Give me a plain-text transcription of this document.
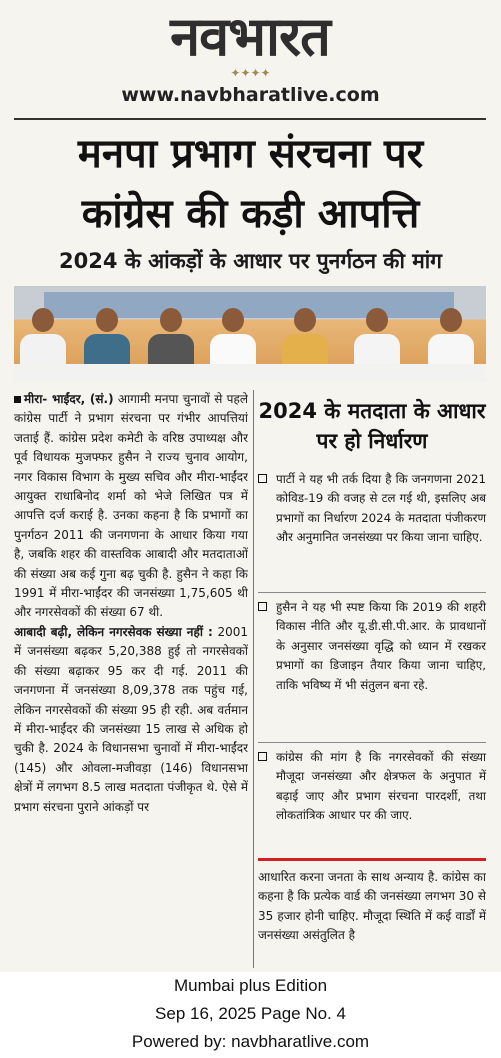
नवभारत
✦✦✦✦
www.navbharatlive.com
मनपा प्रभाग संरचना पर
कांग्रेस की कड़ी आपत्ति
2024 के आंकड़ों के आधार पर पुनर्गठन की मांग

मीरा- भाईंदर, (सं.) आगामी मनपा चुनावों से पहले कांग्रेस पार्टी ने प्रभाग संरचना पर गंभीर आपत्तियां जताई हैं. कांग्रेस प्रदेश कमेटी के वरिष्ठ उपाध्यक्ष और पूर्व विधायक मुजफ्फर हुसैन ने राज्य चुनाव आयोग, नगर विकास विभाग के मुख्य सचिव और मीरा-भाईंदर आयुक्त राधाबिनोद शर्मा को भेजे लिखित पत्र में आपत्ति दर्ज कराई है. उनका कहना है कि प्रभागों का पुनर्गठन 2011 की जनगणना के आधार किया गया है, जबकि शहर की वास्तविक आबादी और मतदाताओं की संख्या अब कई गुना बढ़ चुकी है. हुसैन ने कहा कि 1991 में मीरा-भाईंदर की जनसंख्या 1,75,605 थी और नगरसेवकों की संख्या 67 थी.

आबादी बढ़ी, लेकिन नगरसेवक संख्या नहीं : 2001 में जनसंख्या बढ़कर 5,20,388 हुई तो नगरसेवकों की संख्या बढ़ाकर 95 कर दी गई. 2011 की जनगणना में जनसंख्या 8,09,378 तक पहुंच गई, लेकिन नगरसेवकों की संख्या 95 ही रही. अब वर्तमान में मीरा-भाईंदर की जनसंख्या 15 लाख से अधिक हो चुकी है. 2024 के विधानसभा चुनावों में मीरा-भाईंदर (145) और ओवला-मजीवड़ा (146) विधानसभा क्षेत्रों में लगभग 8.5 लाख मतदाता पंजीकृत थे. ऐसे में प्रभाग संरचना पुराने आंकड़ों पर

2024 के मतदाता के आधार पर हो निर्धारण
पार्टी ने यह भी तर्क दिया है कि जनगणना 2021 कोविड-19 की वजह से टल गई थी, इसलिए अब प्रभागों का निर्धारण 2024 के मतदाता पंजीकरण और अनुमानित जनसंख्या पर किया जाना चाहिए.
हुसैन ने यह भी स्पष्ट किया कि 2019 की शहरी विकास नीति और यू.डी.सी.पी.आर. के प्रावधानों के अनुसार जनसंख्या वृद्धि को ध्यान में रखकर प्रभागों का डिजाइन तैयार किया जाना चाहिए, ताकि भविष्य में भी संतुलन बना रहे.
कांग्रेस की मांग है कि नगरसेवकों की संख्या मौजूदा जनसंख्या और क्षेत्रफल के अनुपात में बढ़ाई जाए और प्रभाग संरचना पारदर्शी, तथा लोकतांत्रिक आधार पर की जाए.
आधारित करना जनता के साथ अन्याय है. कांग्रेस का कहना है कि प्रत्येक वार्ड की जनसंख्या लगभग 30 से 35 हजार होनी चाहिए. मौजूदा स्थिति में कई वार्डों में जनसंख्या असंतुलित है
Mumbai plus Edition
Sep 16, 2025 Page No. 4
Powered by: navbharatlive.com
